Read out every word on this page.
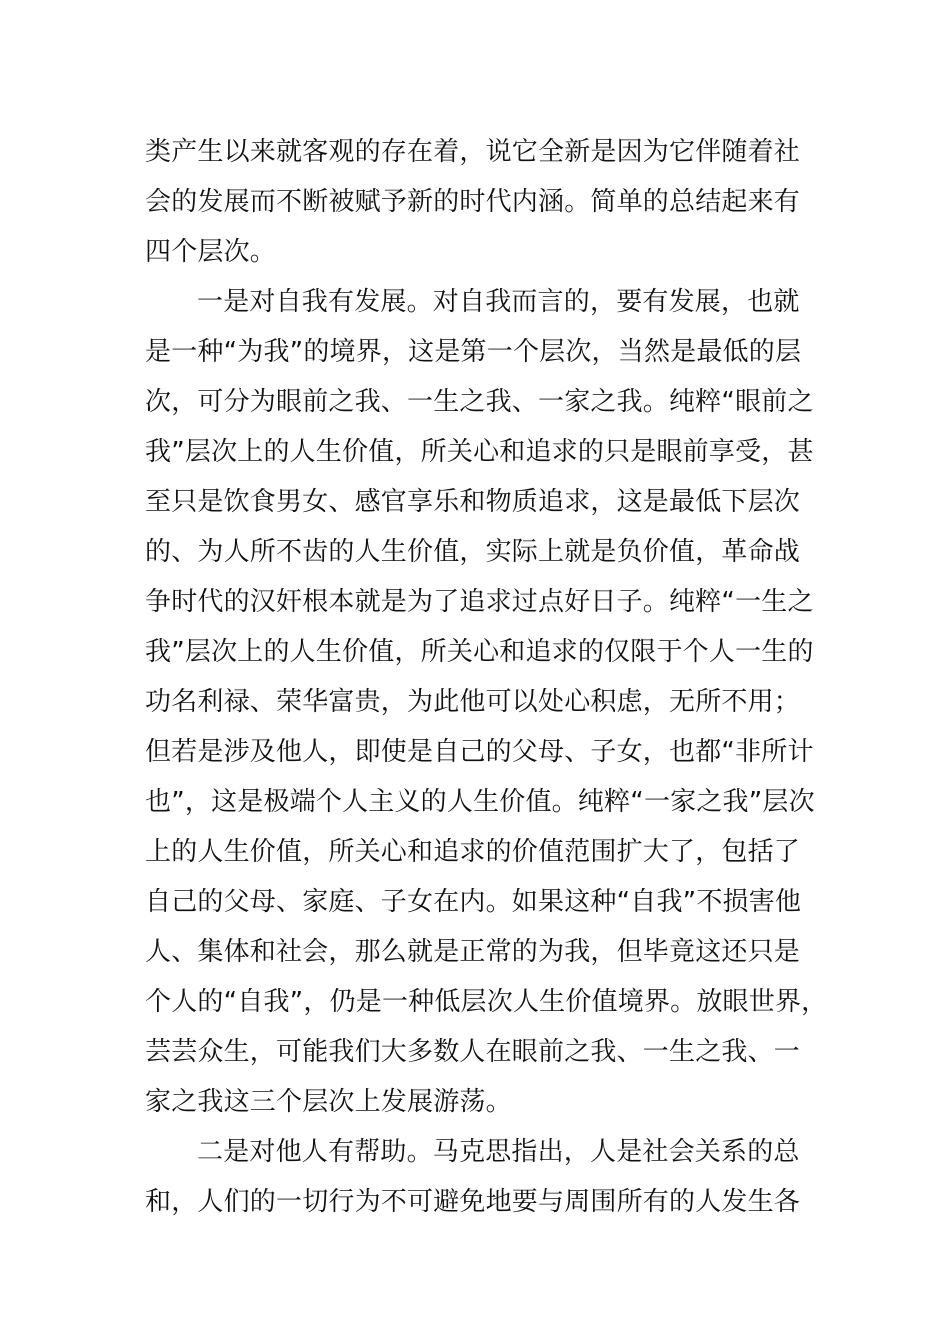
类产生以来就客观的存在着，说它全新是因为它伴随着社

会的发展而不断被赋予新的时代内涵。简单的总结起来有

四个层次。

一是对自我有发展。对自我而言的，要有发展，也就

是一种“为我”的境界，这是第一个层次，当然是最低的层

次，可分为眼前之我、一生之我、一家之我。纯粹“眼前之

我”层次上的人生价值，所关心和追求的只是眼前享受，甚

至只是饮食男女、感官享乐和物质追求，这是最低下层次

的、为人所不齿的人生价值，实际上就是负价值，革命战

争时代的汉奸根本就是为了追求过点好日子。纯粹“一生之

我”层次上的人生价值，所关心和追求的仅限于个人一生的

功名利禄、荣华富贵，为此他可以处心积虑，无所不用；

但若是涉及他人，即使是自己的父母、子女，也都“非所计

也”，这是极端个人主义的人生价值。纯粹“一家之我”层次

上的人生价值，所关心和追求的价值范围扩大了，包括了

自己的父母、家庭、子女在内。如果这种“自我”不损害他

人、集体和社会，那么就是正常的为我，但毕竟这还只是

个人的“自我”，仍是一种低层次人生价值境界。放眼世界，

芸芸众生，可能我们大多数人在眼前之我、一生之我、一

家之我这三个层次上发展游荡。

二是对他人有帮助。马克思指出，人是社会关系的总

和，人们的一切行为不可避免地要与周围所有的人发生各
